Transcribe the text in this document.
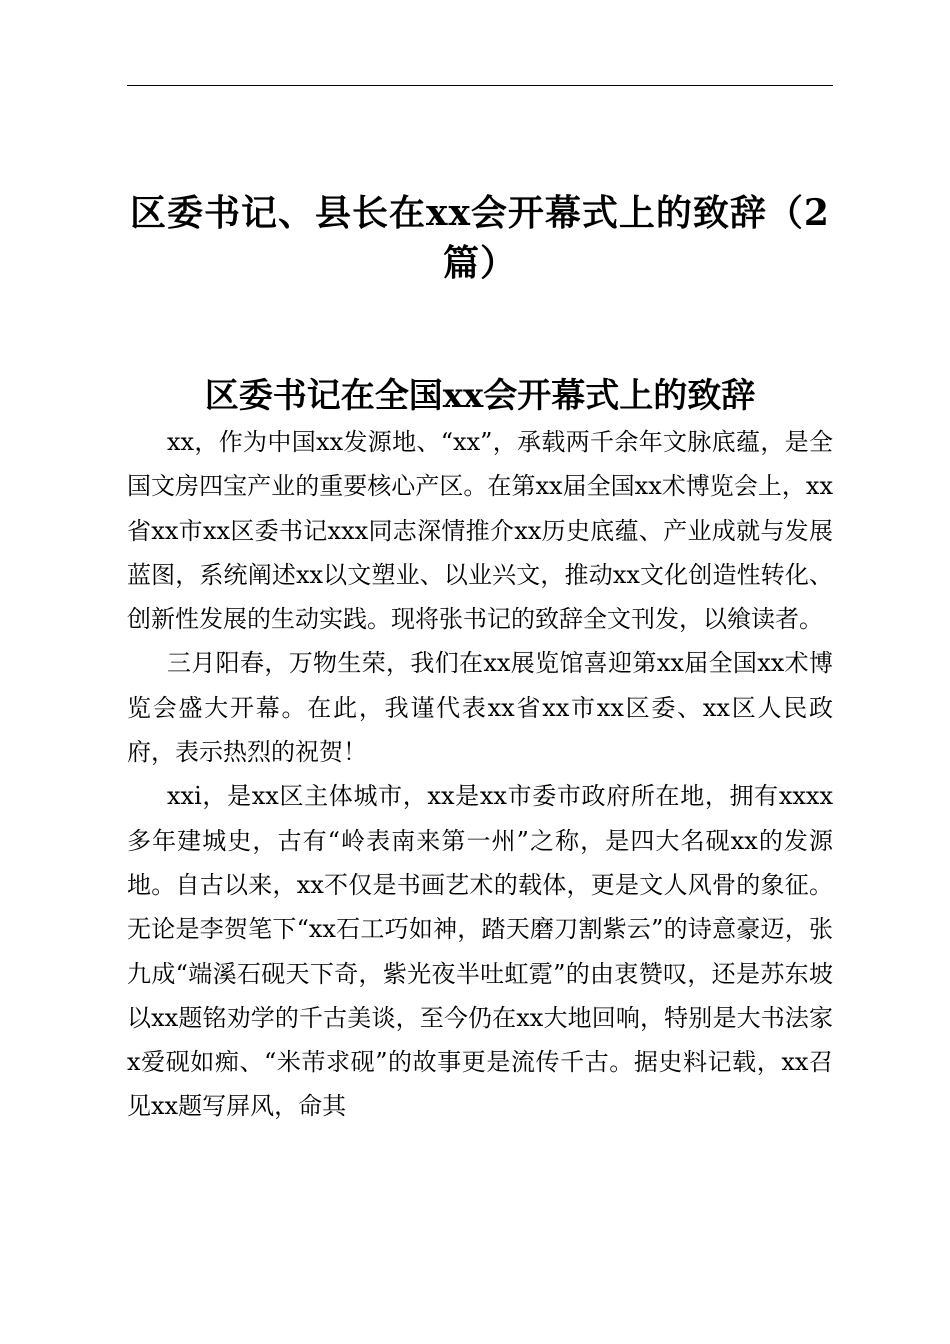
区委书记、县长在xx会开幕式上的致辞（2篇）
区委书记在全国xx会开幕式上的致辞

xx，作为中国xx发源地、“xx”，承载两千余年文脉底蕴，是全国文房四宝产业的重要核心产区。在第xx届全国xx术博览会上，xx省xx市xx区委书记xxx同志深情推介xx历史底蕴、产业成就与发展蓝图，系统阐述xx以文塑业、以业兴文，推动xx文化创造性转化、创新性发展的生动实践。现将张书记的致辞全文刊发，以飨读者。

三月阳春，万物生荣，我们在xx展览馆喜迎第xx届全国xx术博览会盛大开幕。在此，我谨代表xx省xx市xx区委、xx区人民政府，表示热烈的祝贺！

xxi，是xx区主体城市，xx是xx市委市政府所在地，拥有xxxx多年建城史，古有“岭表南来第一州”之称，是四大名砚xx的发源地。自古以来，xx不仅是书画艺术的载体，更是文人风骨的象征。无论是李贺笔下“xx石工巧如神，踏天磨刀割紫云”的诗意豪迈，张九成“端溪石砚天下奇，紫光夜半吐虹霓”的由衷赞叹，还是苏东坡以xx题铭劝学的千古美谈，至今仍在xx大地回响，特别是大书法家x爱砚如痴、“米芾求砚”的故事更是流传千古。据史料记载，xx召见xx题写屏风，命其
